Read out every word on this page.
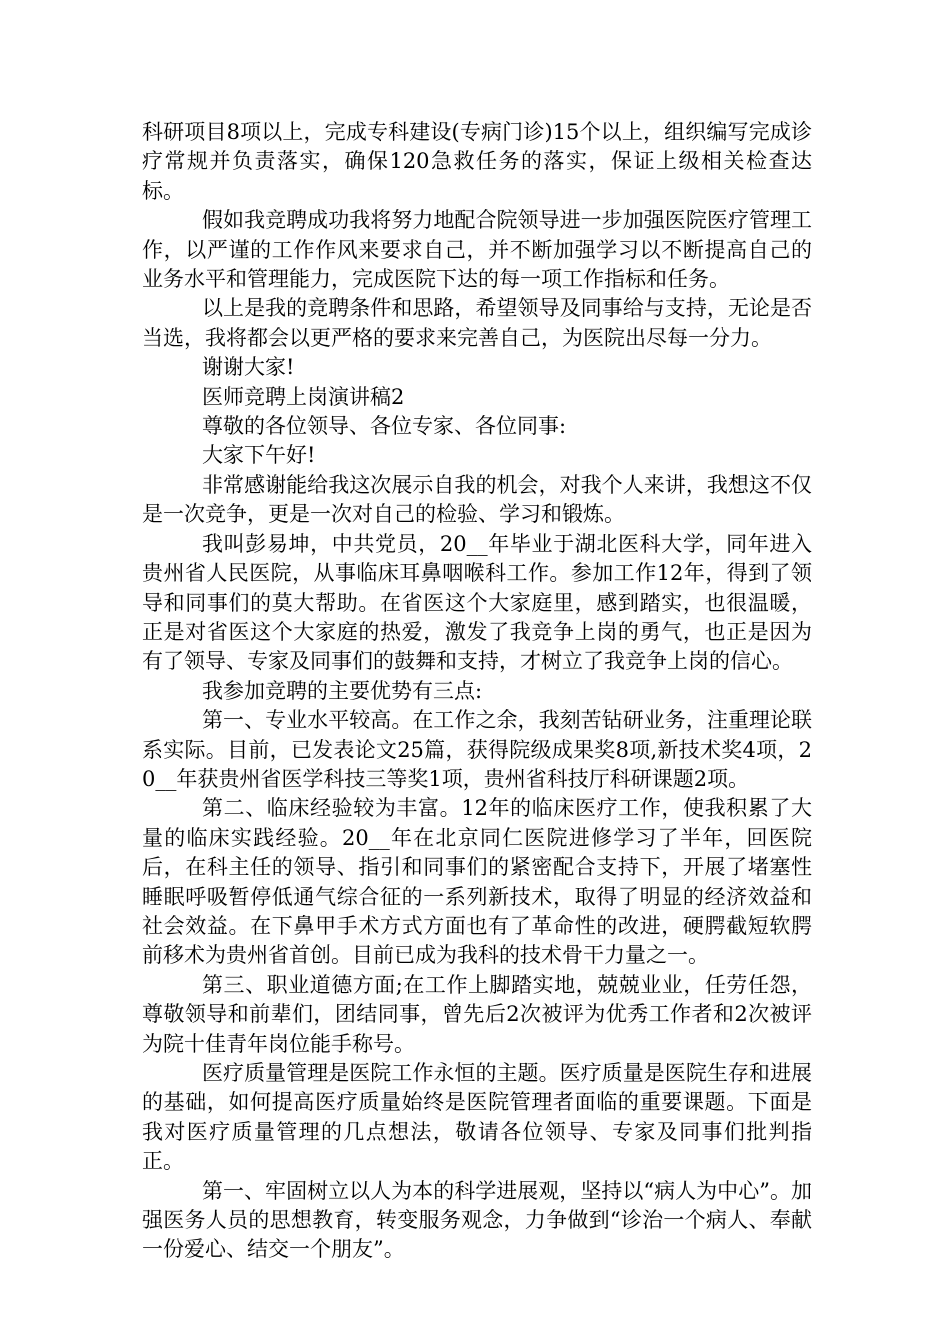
科研项目8项以上，完成专科建设(专病门诊)15个以上，组织编写完成诊疗常规并负责落实，确保120急救任务的落实，保证上级相关检查达标。

假如我竞聘成功我将努力地配合院领导进一步加强医院医疗管理工作，以严谨的工作作风来要求自己，并不断加强学习以不断提高自己的业务水平和管理能力，完成医院下达的每一项工作指标和任务。

以上是我的竞聘条件和思路，希望领导及同事给与支持，无论是否当选，我将都会以更严格的要求来完善自己，为医院出尽每一分力。

谢谢大家!

医师竞聘上岗演讲稿2

尊敬的各位领导、各位专家、各位同事:

大家下午好!

非常感谢能给我这次展示自我的机会，对我个人来讲，我想这不仅是一次竞争，更是一次对自己的检验、学习和锻炼。

我叫彭易坤，中共党员，20__年毕业于湖北医科大学，同年进入贵州省人民医院，从事临床耳鼻咽喉科工作。参加工作12年，得到了领导和同事们的莫大帮助。在省医这个大家庭里，感到踏实，也很温暖，正是对省医这个大家庭的热爱，激发了我竞争上岗的勇气，也正是因为有了领导、专家及同事们的鼓舞和支持，才树立了我竞争上岗的信心。

我参加竞聘的主要优势有三点:

第一、专业水平较高。在工作之余，我刻苦钻研业务，注重理论联系实际。目前，已发表论文25篇，获得院级成果奖8项,新技术奖4项，20__年获贵州省医学科技三等奖1项，贵州省科技厅科研课题2项。

第二、临床经验较为丰富。12年的临床医疗工作，使我积累了大量的临床实践经验。20__年在北京同仁医院进修学习了半年，回医院后，在科主任的领导、指引和同事们的紧密配合支持下，开展了堵塞性睡眠呼吸暂停低通气综合征的一系列新技术，取得了明显的经济效益和社会效益。在下鼻甲手术方式方面也有了革命性的改进，硬腭截短软腭前移术为贵州省首创。目前已成为我科的技术骨干力量之一。

第三、职业道德方面;在工作上脚踏实地，兢兢业业，任劳任怨，尊敬领导和前辈们，团结同事，曾先后2次被评为优秀工作者和2次被评为院十佳青年岗位能手称号。

医疗质量管理是医院工作永恒的主题。医疗质量是医院生存和进展的基础，如何提高医疗质量始终是医院管理者面临的重要课题。下面是我对医疗质量管理的几点想法，敬请各位领导、专家及同事们批判指正。

第一、牢固树立以人为本的科学进展观，坚持以“病人为中心”。加强医务人员的思想教育，转变服务观念，力争做到“诊治一个病人、奉献一份爱心、结交一个朋友”。
